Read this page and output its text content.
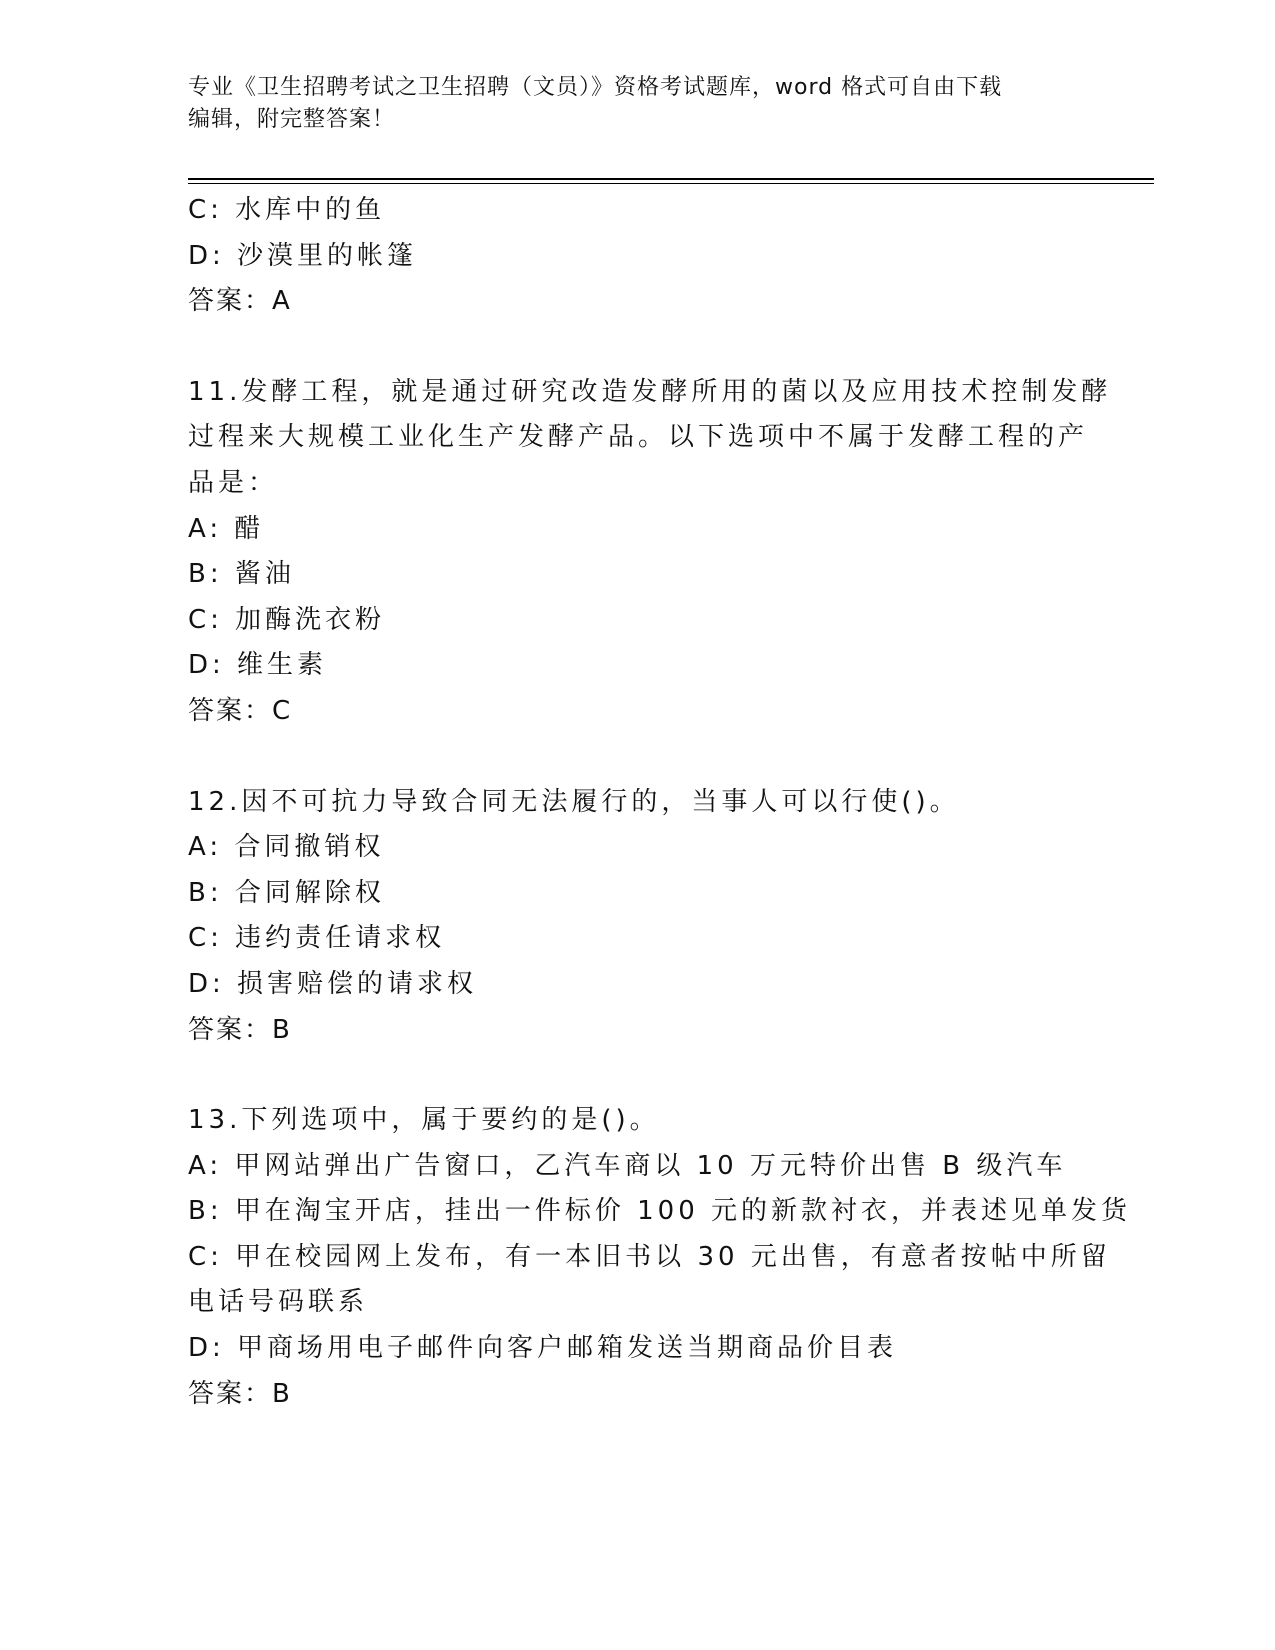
专业《卫生招聘考试之卫生招聘（文员）》资格考试题库，word 格式可自由下载
编辑，附完整答案！

C: 水库中的鱼

D: 沙漠里的帐篷

答案：A

11.发酵工程，就是通过研究改造发酵所用的菌以及应用技术控制发酵

过程来大规模工业化生产发酵产品。以下选项中不属于发酵工程的产

品是：

A: 醋

B: 酱油

C: 加酶洗衣粉

D: 维生素

答案：C

12.因不可抗力导致合同无法履行的，当事人可以行使()。

A: 合同撤销权

B: 合同解除权

C: 违约责任请求权

D: 损害赔偿的请求权

答案：B

13.下列选项中，属于要约的是()。

A: 甲网站弹出广告窗口，乙汽车商以 10 万元特价出售 B 级汽车

B: 甲在淘宝开店，挂出一件标价 100 元的新款衬衣，并表述见单发货

C: 甲在校园网上发布，有一本旧书以 30 元出售，有意者按帖中所留

电话号码联系

D: 甲商场用电子邮件向客户邮箱发送当期商品价目表

答案：B
